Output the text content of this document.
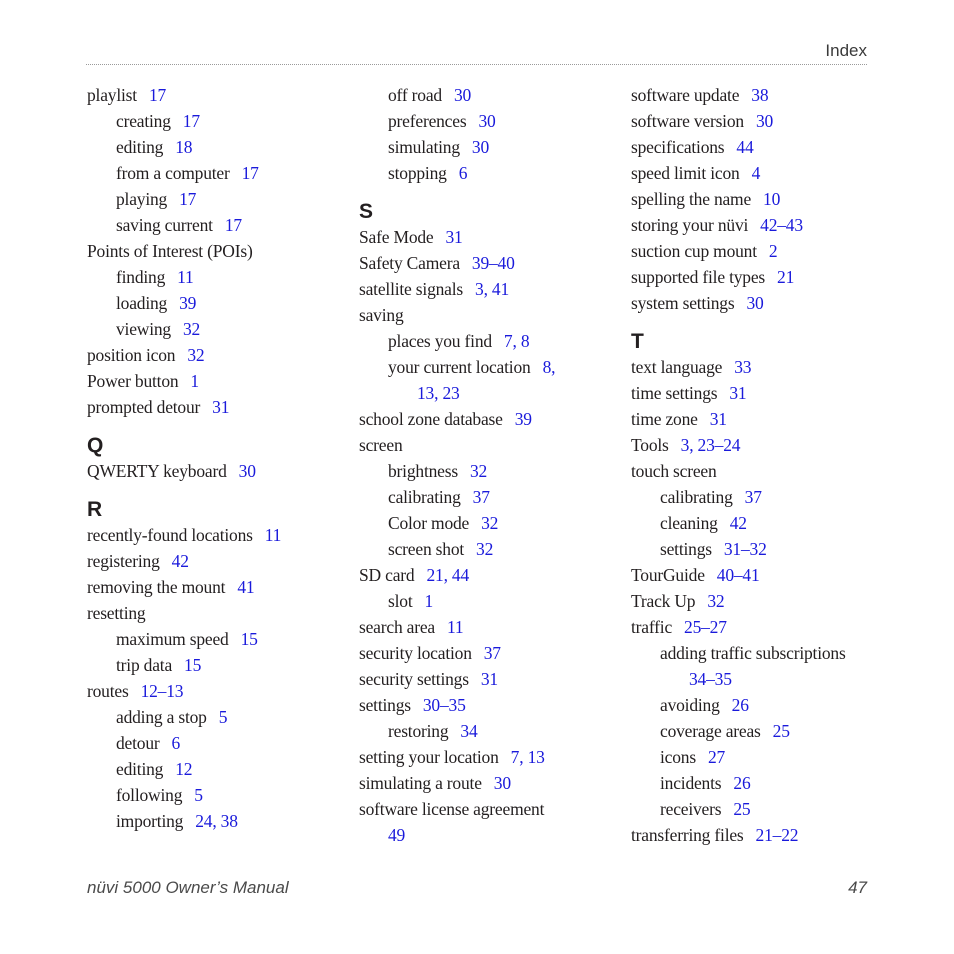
Index
playlist 17
creating 17
editing 18
from a computer 17
playing 17
saving current 17
Points of Interest (POIs)
finding 11
loading 39
viewing 32
position icon 32
Power button 1
prompted detour 31
Q
QWERTY keyboard 30
R
recently-found locations 11
registering 42
removing the mount 41
resetting
maximum speed 15
trip data 15
routes 12–13
adding a stop 5
detour 6
editing 12
following 5
importing 24, 38
off road 30
preferences 30
simulating 30
stopping 6
S
Safe Mode 31
Safety Camera 39–40
satellite signals 3, 41
saving
places you find 7, 8
your current location 8,
13, 23
school zone database 39
screen
brightness 32
calibrating 37
Color mode 32
screen shot 32
SD card 21, 44
slot 1
search area 11
security location 37
security settings 31
settings 30–35
restoring 34
setting your location 7, 13
simulating a route 30
software license agreement
49
software update 38
software version 30
specifications 44
speed limit icon 4
spelling the name 10
storing your nüvi 42–43
suction cup mount 2
supported file types 21
system settings 30
T
text language 33
time settings 31
time zone 31
Tools 3, 23–24
touch screen
calibrating 37
cleaning 42
settings 31–32
TourGuide 40–41
Track Up 32
traffic 25–27
adding traffic subscriptions
34–35
avoiding 26
coverage areas 25
icons 27
incidents 26
receivers 25
transferring files 21–22
nüvi 5000 Owner’s Manual	47
